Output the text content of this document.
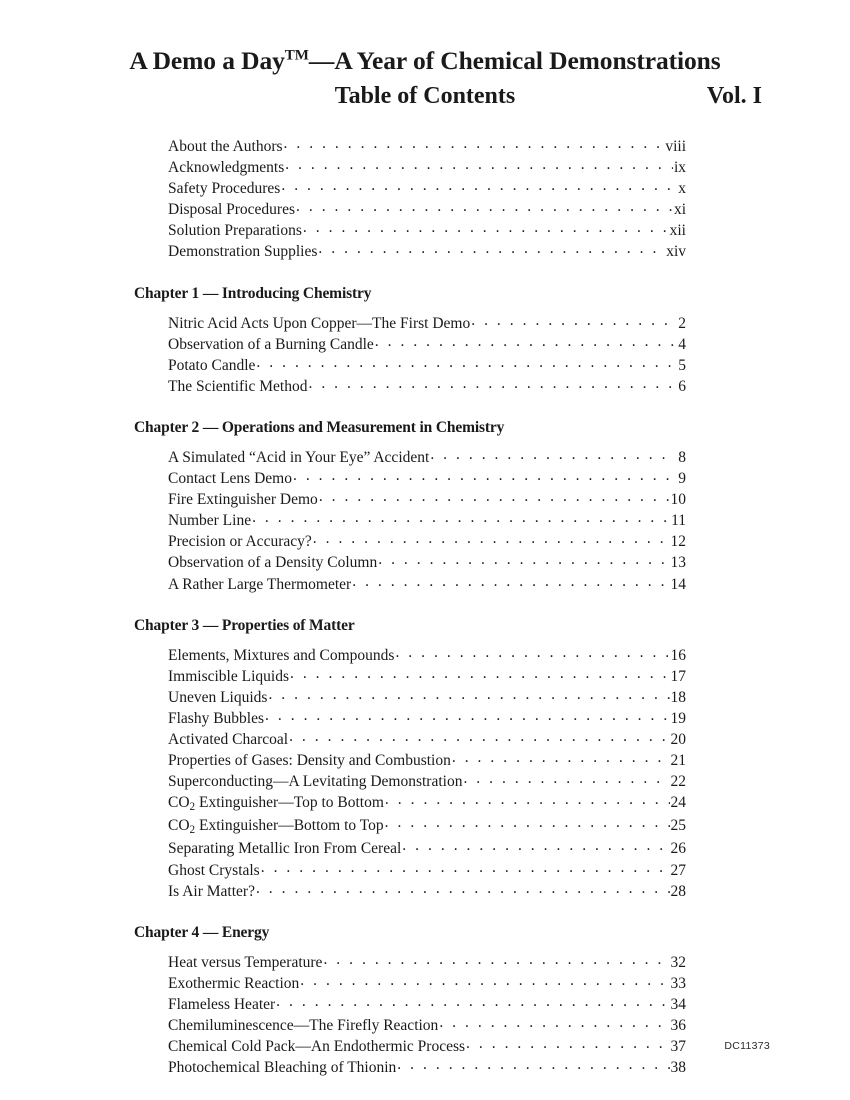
A Demo a Day™—A Year of Chemical Demonstrations
Table of Contents	Vol. I
About the Authors . . .	viii
Acknowledgments . . .	ix
Safety Procedures . . .	x
Disposal Procedures . . .	xi
Solution Preparations . . .	xii
Demonstration Supplies . . .	xiv
Chapter 1 — Introducing Chemistry
Nitric Acid Acts Upon Copper—The First Demo . . .	2
Observation of a Burning Candle . . .	4
Potato Candle . . .	5
The Scientific Method . . .	6
Chapter 2 — Operations and Measurement in Chemistry
A Simulated “Acid in Your Eye” Accident . . .	8
Contact Lens Demo . . .	9
Fire Extinguisher Demo . . .	10
Number Line . . .	11
Precision or Accuracy? . . .	12
Observation of a Density Column . . .	13
A Rather Large Thermometer . . .	14
Chapter 3 — Properties of Matter
Elements, Mixtures and Compounds . . .	16
Immiscible Liquids . . .	17
Uneven Liquids . . .	18
Flashy Bubbles . . .	19
Activated Charcoal . . .	20
Properties of Gases: Density and Combustion . . .	21
Superconducting—A Levitating Demonstration . . .	22
$CO_2$ Extinguisher—Top to Bottom . . .	24
$CO_2$ Extinguisher—Bottom to Top . . .	25
Separating Metallic Iron From Cereal . . .	26
Ghost Crystals . . .	27
Is Air Matter? . . .	28
Chapter 4 — Energy
Heat versus Temperature . . .	32
Exothermic Reaction . . .	33
Flameless Heater . . .	34
Chemiluminescence—The Firefly Reaction . . .	36
Chemical Cold Pack—An Endothermic Process . . .	37
Photochemical Bleaching of Thionin . . .	38
DC11373
